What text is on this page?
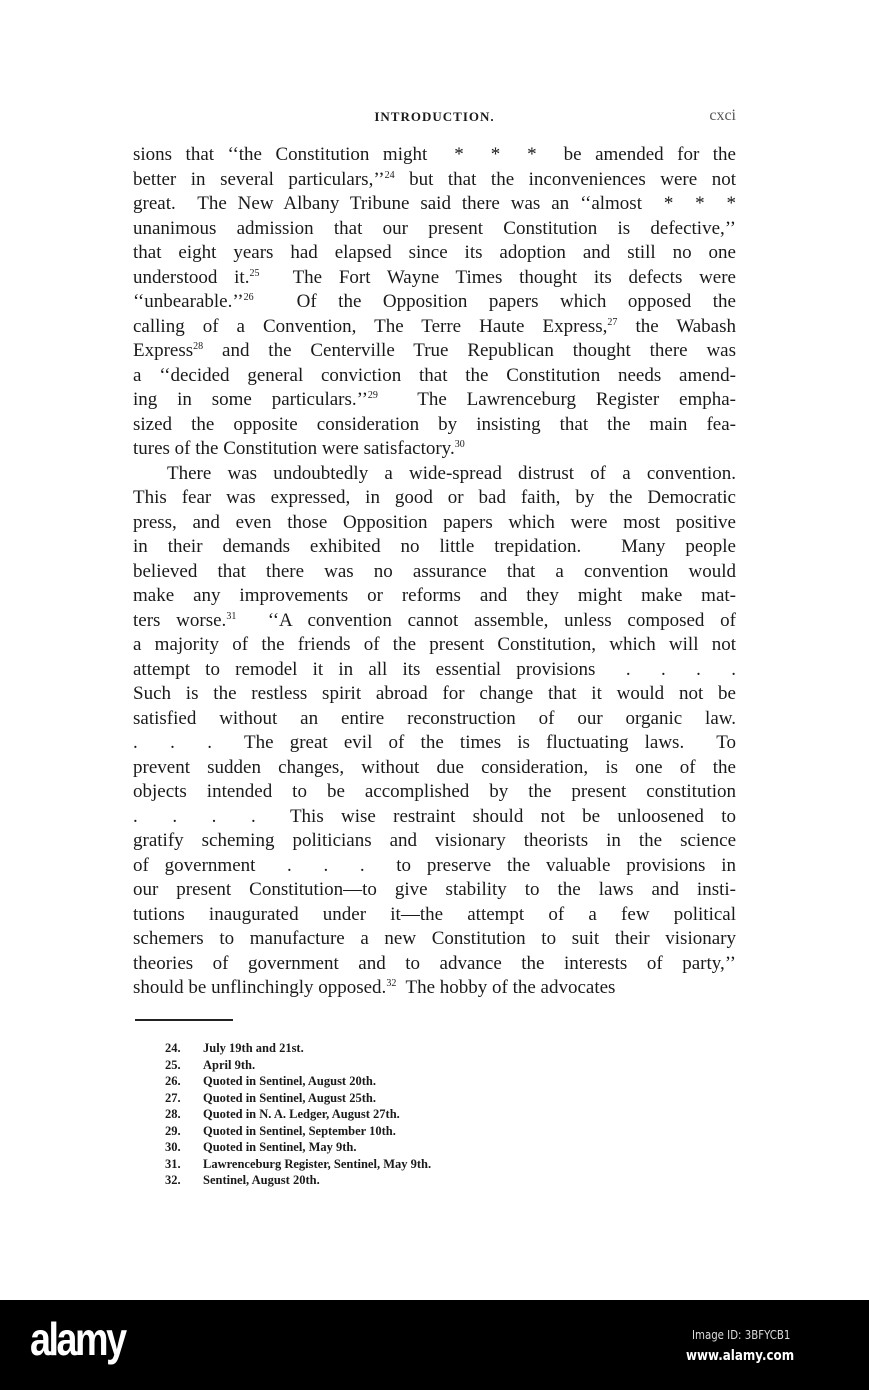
INTRODUCTION.	cxci
sions that ‘‘the Constitution might  *  *  *  be amended for the
better in several particulars,’’$^{24}$ but that the inconveniences were not
great.  The New Albany Tribune said there was an ‘‘almost  *  *  *
unanimous admission that our present Constitution is defective,’’
that eight years had elapsed since its adoption and still no one
understood it.$^{25}$  The Fort Wayne Times thought its defects were
‘‘unbearable.’’$^{26}$  Of the Opposition papers which opposed the
calling of a Convention, The Terre Haute Express,$^{27}$ the Wabash
Express$^{28}$ and the Centerville True Republican thought there was
a ‘‘decided general conviction that the Constitution needs amend-
ing in some particulars.’’$^{29}$  The Lawrenceburg Register empha-
sized the opposite consideration by insisting that the main fea-
tures of the Constitution were satisfactory.$^{30}$
There was undoubtedly a wide-spread distrust of a convention.
This fear was expressed, in good or bad faith, by the Democratic
press, and even those Opposition papers which were most positive
in their demands exhibited no little trepidation.  Many people
believed that there was no assurance that a convention would
make any improvements or reforms and they might make mat-
ters worse.$^{31}$  ‘‘A convention cannot assemble, unless composed of
a majority of the friends of the present Constitution, which will not
attempt to remodel it in all its essential provisions  .  .  .  .
Such is the restless spirit abroad for change that it would not be
satisfied without an entire reconstruction of our organic law.
.  .  .  The great evil of the times is fluctuating laws.  To
prevent sudden changes, without due consideration, is one of the
objects intended to be accomplished by the present constitution
.  .  .  .  This wise restraint should not be unloosened to
gratify scheming politicians and visionary theorists in the science
of government  .  .  .  to preserve the valuable provisions in
our present Constitution—to give stability to the laws and insti-
tutions inaugurated under it—the attempt of a few political
schemers to manufacture a new Constitution to suit their visionary
theories of government and to advance the interests of party,’’
should be unflinchingly opposed.$^{32}$  The hobby of the advocates
24. July 19th and 21st.
25. April 9th.
26. Quoted in Sentinel, August 20th.
27. Quoted in Sentinel, August 25th.
28. Quoted in N. A. Ledger, August 27th.
29. Quoted in Sentinel, September 10th.
30. Quoted in Sentinel, May 9th.
31. Lawrenceburg Register, Sentinel, May 9th.
32. Sentinel, August 20th.
alamy	Image ID: 3BFYCB1
www.alamy.com
